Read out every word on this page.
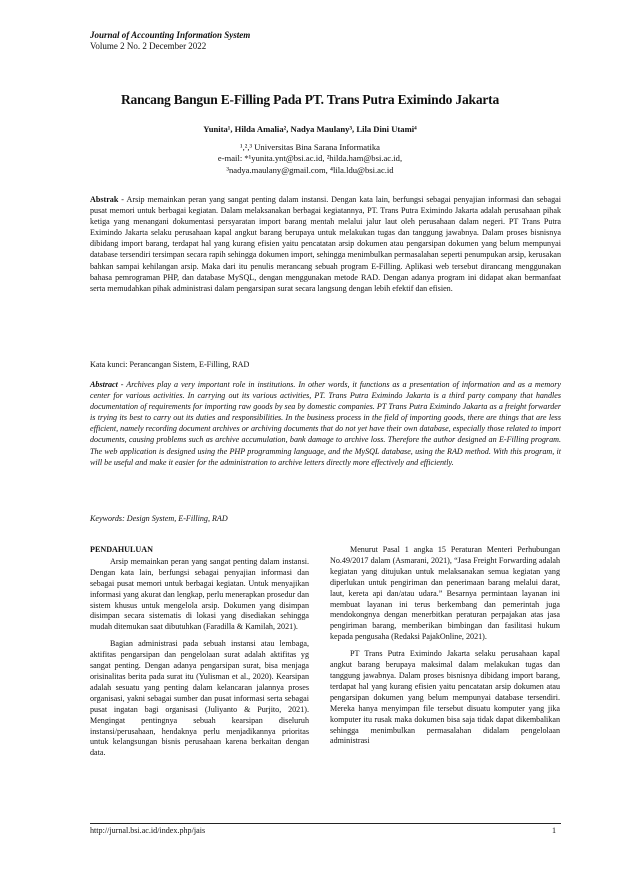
Journal of Accounting Information System
Volume 2 No. 2 December 2022
Rancang Bangun E-Filling Pada PT. Trans Putra Eximindo Jakarta
Yunita¹, Hilda Amalia², Nadya Maulany³, Lila Dini Utami⁴
¹,²,³ Universitas Bina Sarana Informatika
e-mail: *¹yunita.ynt@bsi.ac.id, ²hilda.ham@bsi.ac.id,
³nadya.maulany@gmail.com, ⁴lila.ldu@bsi.ac.id
Abstrak - Arsip memainkan peran yang sangat penting dalam instansi. Dengan kata lain, berfungsi sebagai penyajian informasi dan sebagai pusat memori untuk berbagai kegiatan. Dalam melaksanakan berbagai kegiatannya, PT. Trans Putra Eximindo Jakarta adalah perusahaan pihak ketiga yang menangani dokumentasi persyaratan import barang mentah melalui jalur laut oleh perusahaan dalam negeri. PT Trans Putra Eximindo Jakarta selaku perusahaan kapal angkut barang berupaya untuk melakukan tugas dan tanggung jawabnya. Dalam proses bisnisnya dibidang import barang, terdapat hal yang kurang efisien yaitu pencatatan arsip dokumen atau pengarsipan dokumen yang belum mempunyai database tersendiri tersimpan secara rapih sehingga dokumen import, sehingga menimbulkan permasalahan seperti penumpukan arsip, kerusakan bahkan sampai kehilangan arsip. Maka dari itu penulis merancang sebuah program E-Filling. Aplikasi web tersebut dirancang menggunakan bahasa pemrograman PHP, dan database MySQL, dengan menggunakan metode RAD. Dengan adanya program ini didapat akan bermanfaat serta memudahkan pihak administrasi dalam pengarsipan surat secara langsung dengan lebih efektif dan efisien.
Kata kunci: Perancangan Sistem, E-Filling, RAD
Abstract - Archives play a very important role in institutions. In other words, it functions as a presentation of information and as a memory center for various activities. In carrying out its various activities, PT. Trans Putra Eximindo Jakarta is a third party company that handles documentation of requirements for importing raw goods by sea by domestic companies. PT Trans Putra Eximindo Jakarta as a freight forwarder is trying its best to carry out its duties and responsibilities. In the business process in the field of importing goods, there are things that are less efficient, namely recording document archives or archiving documents that do not yet have their own database, especially those related to import documents, causing problems such as archive accumulation, bank damage to archive loss. Therefore the author designed an E-Filling program. The web application is designed using the PHP programming language, and the MySQL database, using the RAD method. With this program, it will be useful and make it easier for the administration to archive letters directly more effectively and efficiently.
Keywords: Design System, E-Filling, RAD
PENDAHULUAN

Arsip memainkan peran yang sangat penting dalam instansi. Dengan kata lain, berfungsi sebagai penyajian informasi dan sebagai pusat memori untuk berbagai kegiatan. Untuk menyajikan informasi yang akurat dan lengkap, perlu menerapkan prosedur dan sistem khusus untuk mengelola arsip. Dokumen yang disimpan disimpan secara sistematis di lokasi yang disediakan sehingga mudah ditemukan saat dibutuhkan (Faradilla & Kamilah, 2021).

Bagian administrasi pada sebuah instansi atau lembaga, aktifitas pengarsipan dan pengelolaan surat adalah aktifitas yg sangat penting. Dengan adanya pengarsipan surat, bisa menjaga orisinalitas berita pada surat itu (Yulisman et al., 2020). Kearsipan adalah sesuatu yang penting dalam kelancaran jalannya proses organisasi, yakni sebagai sumber dan pusat informasi serta sebagai pusat ingatan bagi organisasi (Juliyanto & Purjito, 2021). Mengingat pentingnya sebuah kearsipan diseluruh instansi/perusahaan, hendaknya perlu menjadikannya prioritas untuk kelangsungan bisnis perusahaan karena berkaitan dengan data.

Menurut Pasal 1 angka 15 Peraturan Menteri Perhubungan No.49/2017 dalam (Asmarani, 2021), “Jasa Freight Forwarding adalah kegiatan yang ditujukan untuk melaksanakan semua kegiatan yang diperlukan untuk pengiriman dan penerimaan barang melalui darat, laut, kereta api dan/atau udara.” Besarnya permintaan layanan ini membuat layanan ini terus berkembang dan pemerintah juga mendokongnya dengan menerbitkan peraturan perpajakan atas jasa pengiriman barang, memberikan bimbingan dan fasilitasi hukum kepada pengusaha (Redaksi PajakOnline, 2021).

PT Trans Putra Eximindo Jakarta selaku perusahaan kapal angkut barang berupaya maksimal dalam melakukan tugas dan tanggung jawabnya. Dalam proses bisnisnya dibidang import barang, terdapat hal yang kurang efisien yaitu pencatatan arsip dokumen atau pengarsipan dokumen yang belum mempunyai database tersendiri. Mereka hanya menyimpan file tersebut disuatu komputer yang jika komputer itu rusak maka dokumen bisa saja tidak dapat dikembalikan sehingga menimbulkan permasalahan didalam pengelolaan administrasi

http://jurnal.bsi.ac.id/index.php/jais	1
